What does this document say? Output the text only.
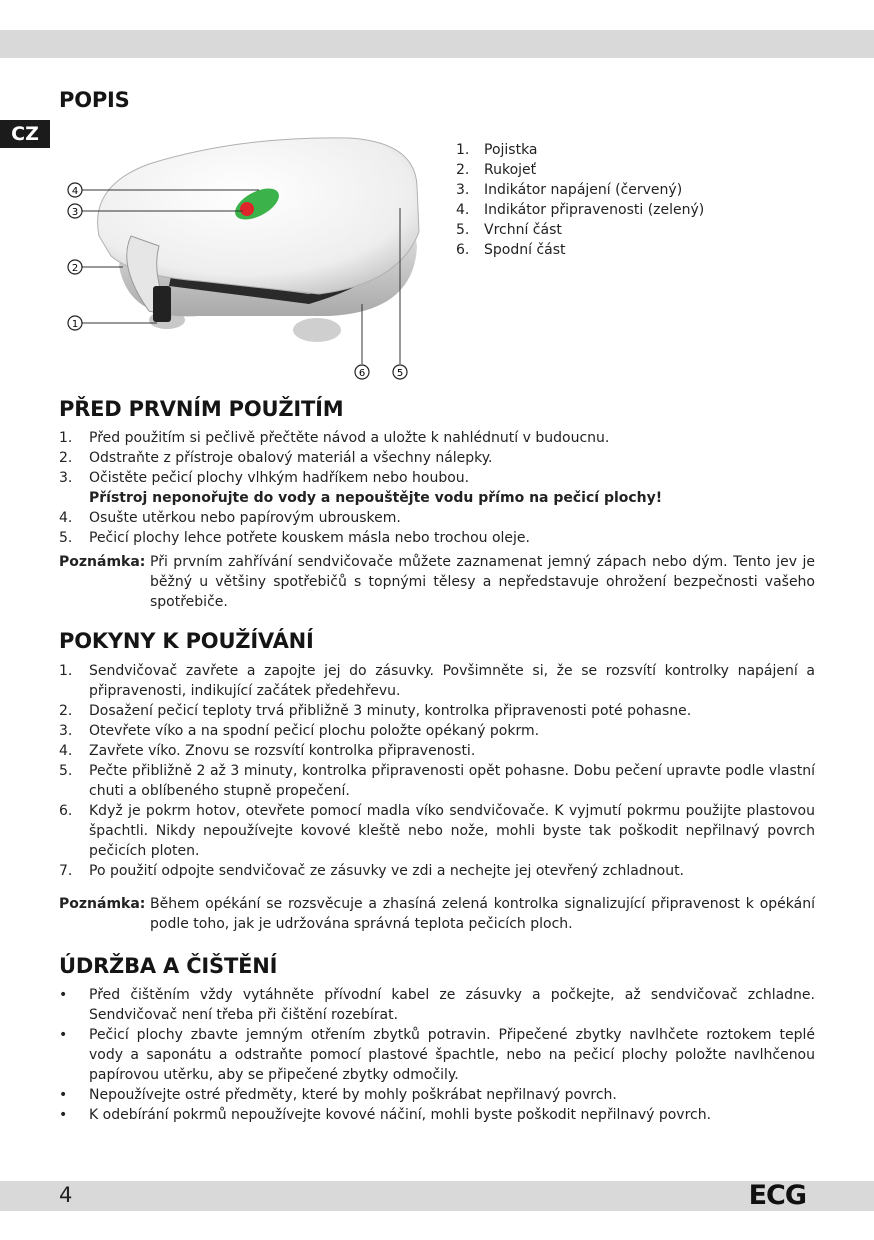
CZ
POPIS
4
3
2
1
6	5
1. Pojistka
2. Rukojeť
3. Indikátor napájení (červený)
4. Indikátor připravenosti (zelený)
5. Vrchní část
6. Spodní část
PŘED PRVNÍM POUŽITÍM
1. Před použitím si pečlivě přečtěte návod a uložte k nahlédnutí v budoucnu.
2. Odstraňte z přístroje obalový materiál a všechny nálepky.
3. Očistěte pečicí plochy vlhkým hadříkem nebo houbou.
Přístroj neponořujte do vody a nepouštějte vodu přímo na pečicí plochy!
4. Osušte utěrkou nebo papírovým ubrouskem.
5. Pečicí plochy lehce potřete kouskem másla nebo trochou oleje.
Poznámka: Při prvním zahřívání sendvičovače můžete zaznamenat jemný zápach nebo dým. Tento jev je běžný u většiny spotřebičů s topnými tělesy a nepředstavuje ohrožení bezpečnosti vašeho spotřebiče.
POKYNY K POUŽÍVÁNÍ
1. Sendvičovač zavřete a zapojte jej do zásuvky. Povšimněte si, že se rozsvítí kontrolky napájení a připravenosti, indikující začátek předehřevu.
2. Dosažení pečicí teploty trvá přibližně 3 minuty, kontrolka připravenosti poté pohasne.
3. Otevřete víko a na spodní pečicí plochu položte opékaný pokrm.
4. Zavřete víko. Znovu se rozsvítí kontrolka připravenosti.
5. Pečte přibližně 2 až 3 minuty, kontrolka připravenosti opět pohasne. Dobu pečení upravte podle vlastní chuti a oblíbeného stupně propečení.
6. Když je pokrm hotov, otevřete pomocí madla víko sendvičovače. K vyjmutí pokrmu použijte plastovou špachtli. Nikdy nepoužívejte kovové kleště nebo nože, mohli byste tak poškodit nepřilnavý povrch pečicích ploten.
7. Po použití odpojte sendvičovač ze zásuvky ve zdi a nechejte jej otevřený zchladnout.
Poznámka: Během opékání se rozsvěcuje a zhasíná zelená kontrolka signalizující připravenost k opékání podle toho, jak je udržována správná teplota pečicích ploch.
ÚDRŽBA A ČIŠTĚNÍ
• Před čištěním vždy vytáhněte přívodní kabel ze zásuvky a počkejte, až sendvičovač zchladne. Sendvičovač není třeba při čištění rozebírat.
• Pečicí plochy zbavte jemným otřením zbytků potravin. Připečené zbytky navlhčete roztokem teplé vody a saponátu a odstraňte pomocí plastové špachtle, nebo na pečicí plochy položte navlhčenou papírovou utěrku, aby se připečené zbytky odmočily.
• Nepoužívejte ostré předměty, které by mohly poškrábat nepřilnavý povrch.
• K odebírání pokrmů nepoužívejte kovové náčiní, mohli byste poškodit nepřilnavý povrch.
4	ECG
